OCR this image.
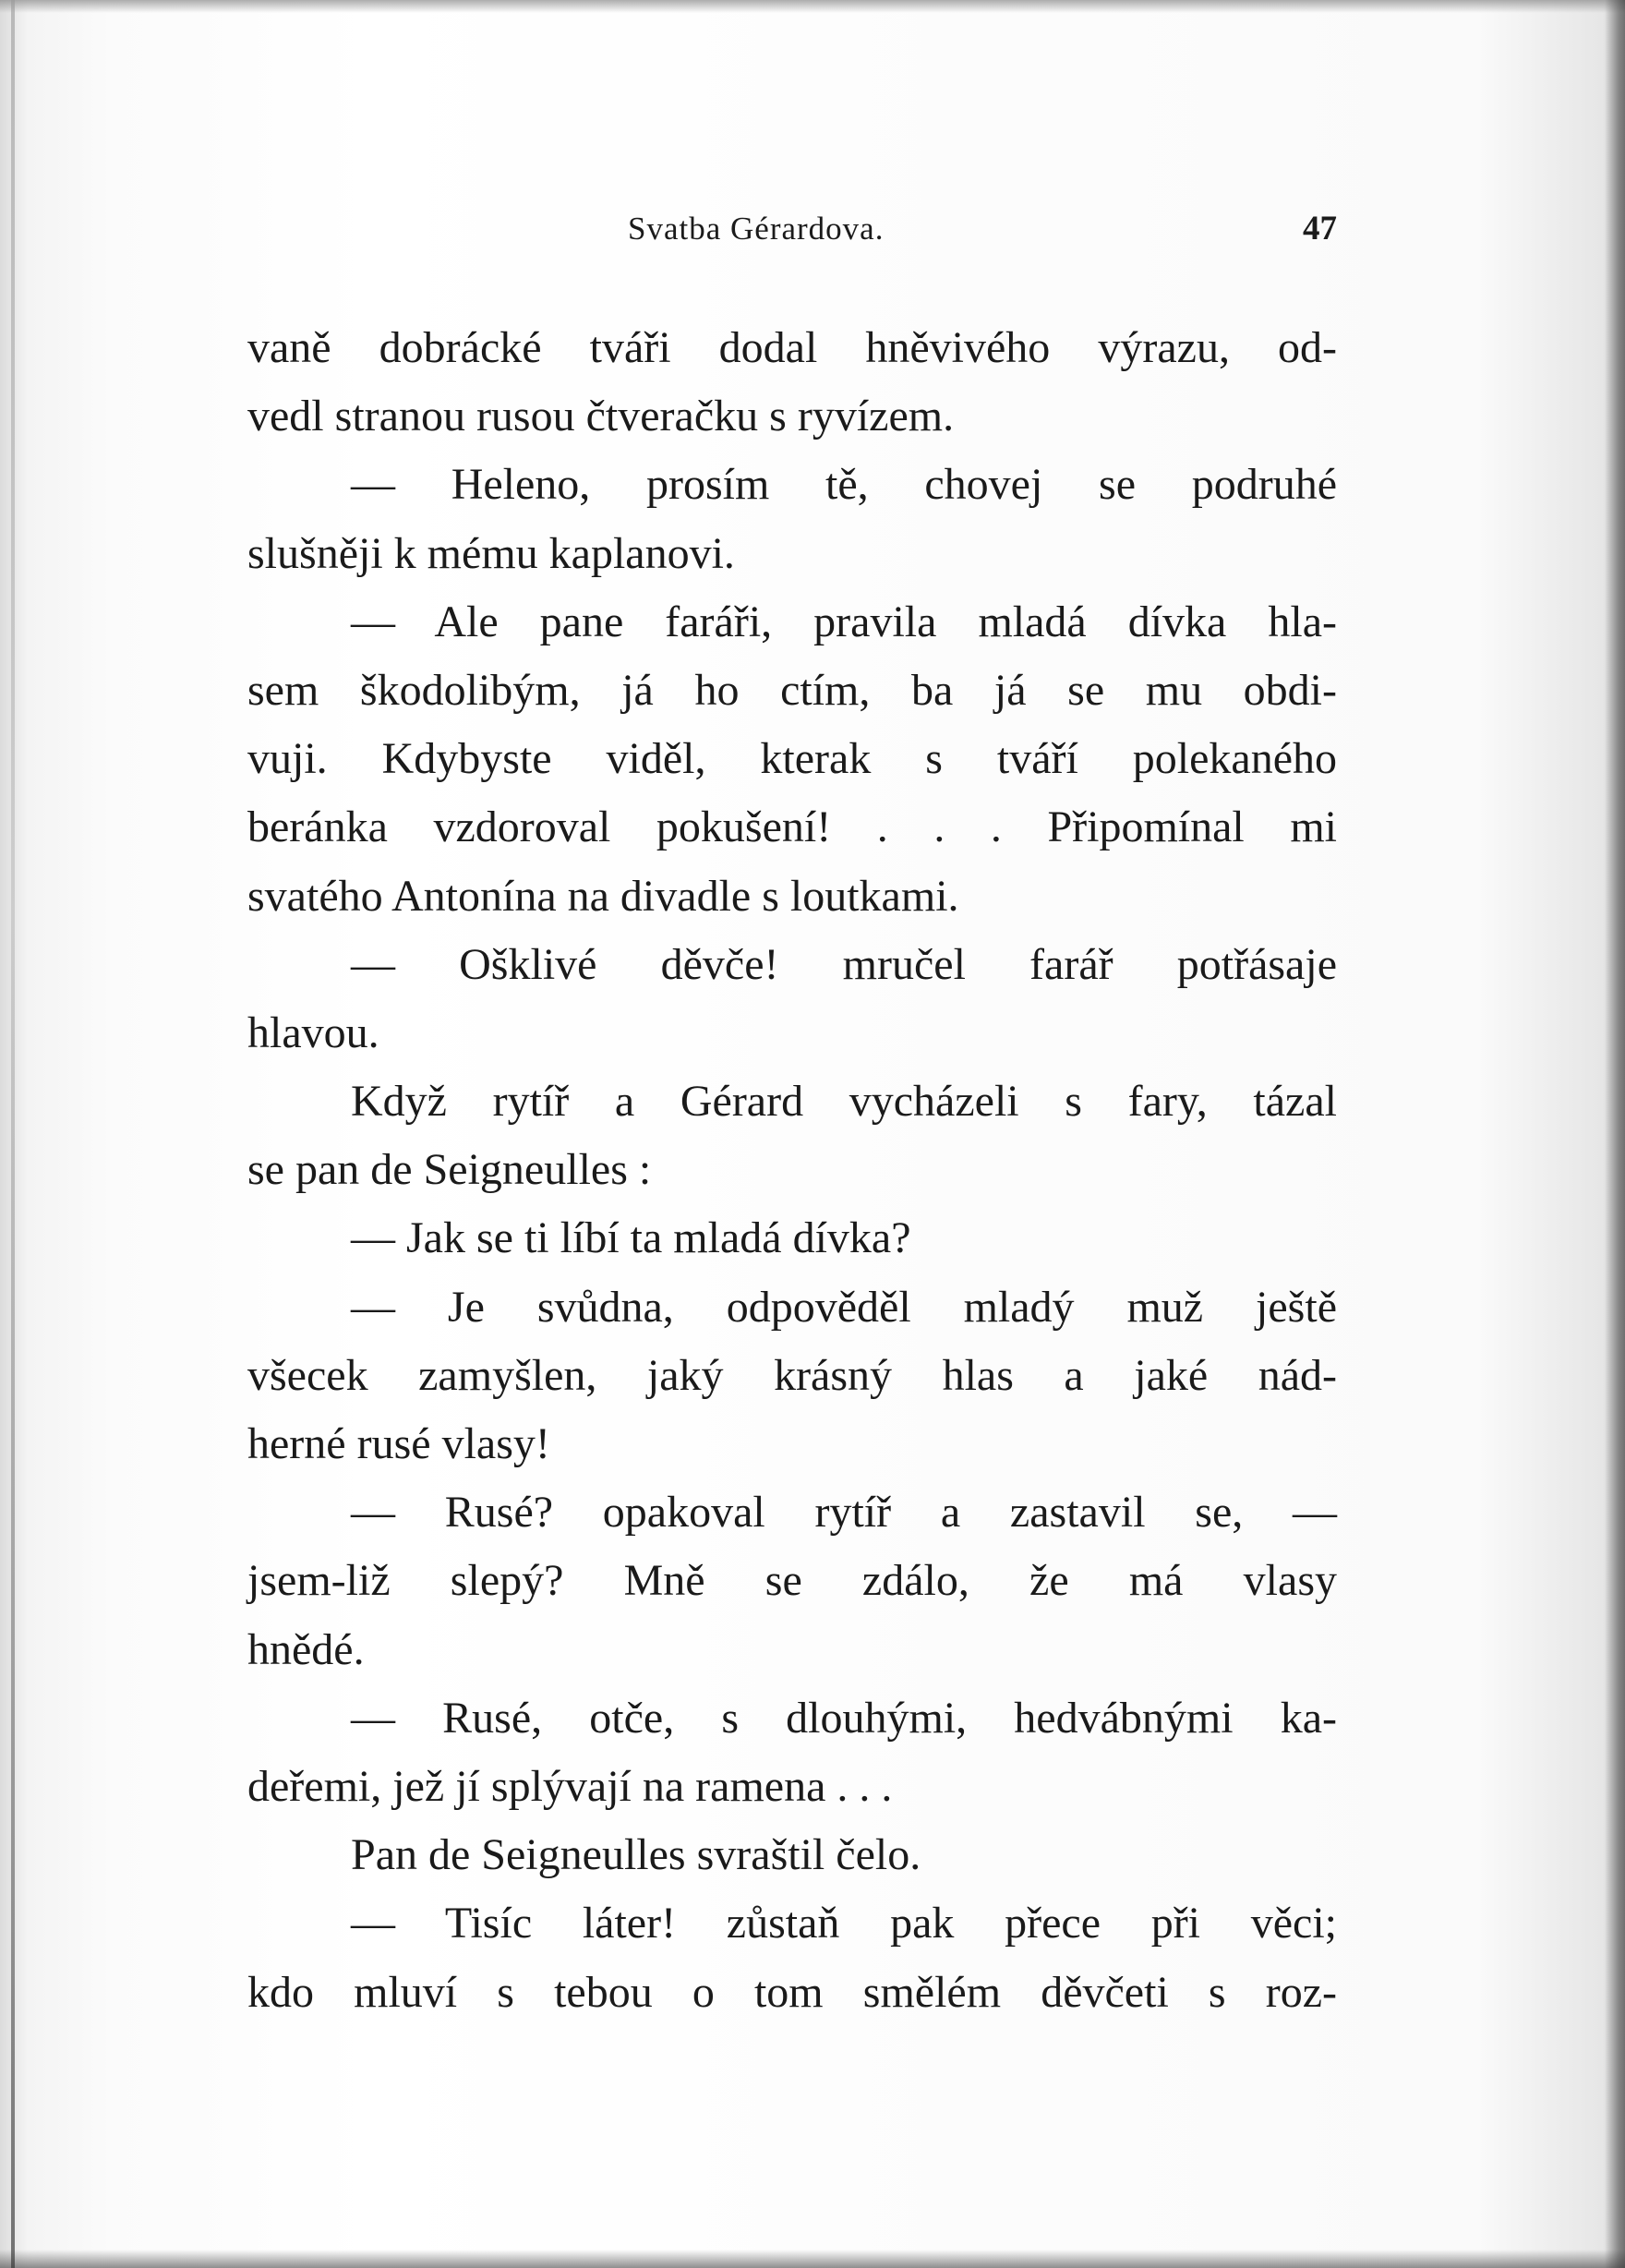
Svatba Gérardova.	47
vaně dobrácké tváři dodal hněvivého výrazu, od-
vedl stranou rusou čtveračku s ryvízem.
— Heleno, prosím tě, chovej se podruhé
slušněji k mému kaplanovi.
— Ale pane faráři, pravila mladá dívka hla-
sem škodolibým, já ho ctím, ba já se mu obdi-
vuji. Kdybyste viděl, kterak s tváří polekaného
beránka vzdoroval pokušení! . . . Připomínal mi
svatého Antonína na divadle s loutkami.
— Ošklivé děvče! mručel farář potřásaje
hlavou.
Když rytíř a Gérard vycházeli s fary, tázal
se pan de Seigneulles :
— Jak se ti líbí ta mladá dívka?
— Je svůdna, odpověděl mladý muž ještě
všecek zamyšlen, jaký krásný hlas a jaké nád-
herné rusé vlasy!
— Rusé? opakoval rytíř a zastavil se, —
jsem-liž slepý? Mně se zdálo, že má vlasy
hnědé.
— Rusé, otče, s dlouhými, hedvábnými ka-
deřemi, jež jí splývají na ramena . . .
Pan de Seigneulles svraštil čelo.
— Tisíc láter! zůstaň pak přece při věci;
kdo mluví s tebou o tom smělém děvčeti s roz-
